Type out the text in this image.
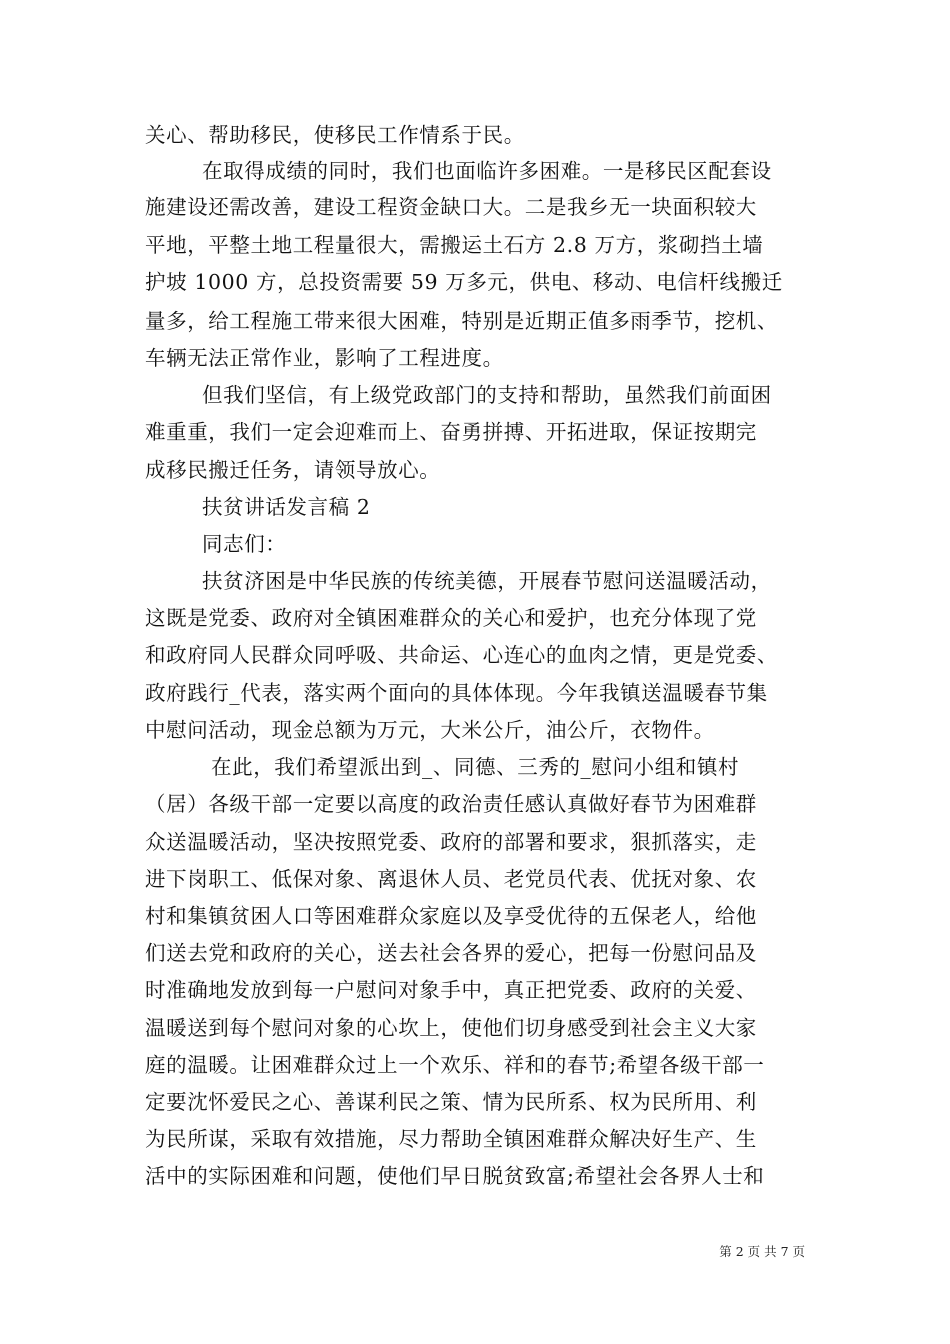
关心、帮助移民，使移民工作情系于民。
在取得成绩的同时，我们也面临许多困难。一是移民区配套设
施建设还需改善，建设工程资金缺口大。二是我乡无一块面积较大
平地，平整土地工程量很大，需搬运土石方 2.8 万方，浆砌挡土墙
护坡 1000 方，总投资需要 59 万多元，供电、移动、电信杆线搬迁
量多，给工程施工带来很大困难，特别是近期正值多雨季节，挖机、
车辆无法正常作业，影响了工程进度。
但我们坚信，有上级党政部门的支持和帮助，虽然我们前面困
难重重，我们一定会迎难而上、奋勇拼搏、开拓进取，保证按期完
成移民搬迁任务，请领导放心。
扶贫讲话发言稿 2
同志们：
扶贫济困是中华民族的传统美德，开展春节慰问送温暖活动，
这既是党委、政府对全镇困难群众的关心和爱护，也充分体现了党
和政府同人民群众同呼吸、共命运、心连心的血肉之情，更是党委、
政府践行_代表，落实两个面向的具体体现。今年我镇送温暖春节集
中慰问活动，现金总额为万元，大米公斤，油公斤，衣物件。
在此，我们希望派出到_、同德、三秀的_慰问小组和镇村
（居）各级干部一定要以高度的政治责任感认真做好春节为困难群
众送温暖活动，坚决按照党委、政府的部署和要求，狠抓落实，走
进下岗职工、低保对象、离退休人员、老党员代表、优抚对象、农
村和集镇贫困人口等困难群众家庭以及享受优待的五保老人，给他
们送去党和政府的关心，送去社会各界的爱心，把每一份慰问品及
时准确地发放到每一户慰问对象手中，真正把党委、政府的关爱、
温暖送到每个慰问对象的心坎上，使他们切身感受到社会主义大家
庭的温暖。让困难群众过上一个欢乐、祥和的春节;希望各级干部一
定要沈怀爱民之心、善谋利民之策、情为民所系、权为民所用、利
为民所谋，采取有效措施，尽力帮助全镇困难群众解决好生产、生
活中的实际困难和问题，使他们早日脱贫致富;希望社会各界人士和
第 2 页 共 7 页
